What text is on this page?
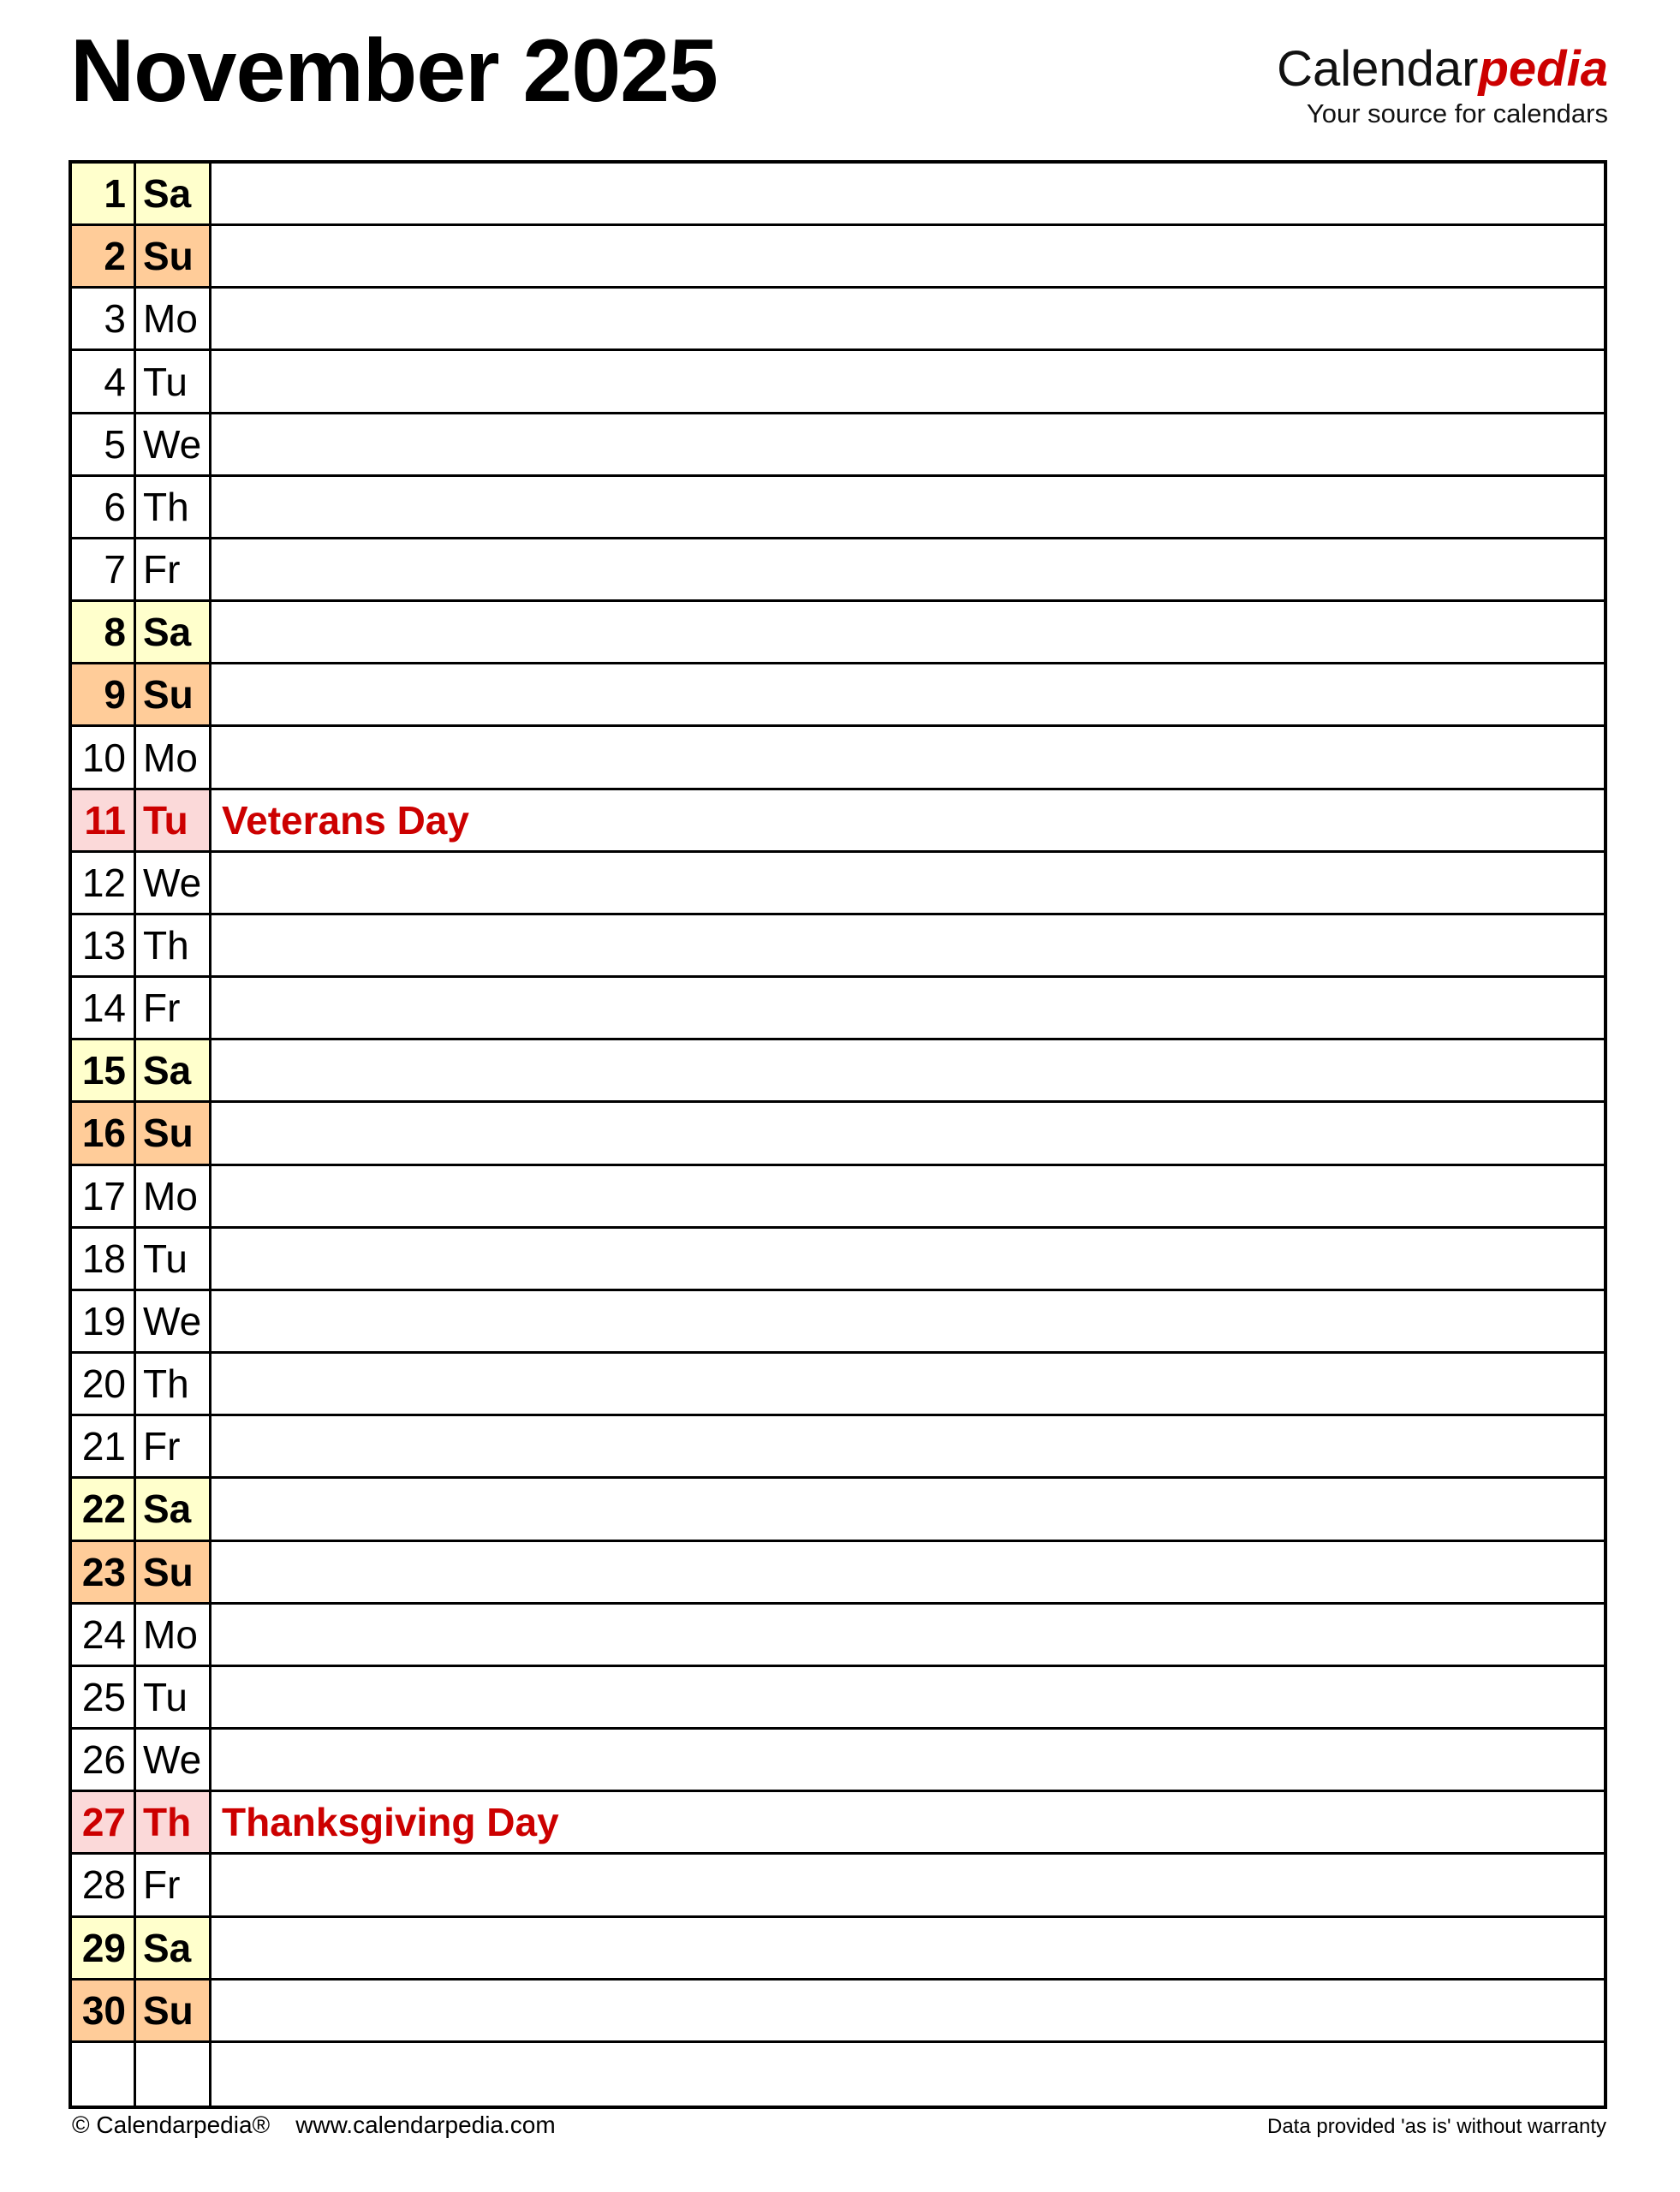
November 2025	Calendarpedia
Your source for calendars
1 Sa
2 Su
3 Mo
4 Tu
5 We
6 Th
7 Fr
8 Sa
9 Su
10 Mo
11 Tu Veterans Day
12 We
13 Th
14 Fr
15 Sa
16 Su
17 Mo
18 Tu
19 We
20 Th
21 Fr
22 Sa
23 Su
24 Mo
25 Tu
26 We
27 Th Thanksgiving Day
28 Fr
29 Sa
30 Su
© Calendarpedia® www.calendarpedia.com	Data provided 'as is' without warranty
